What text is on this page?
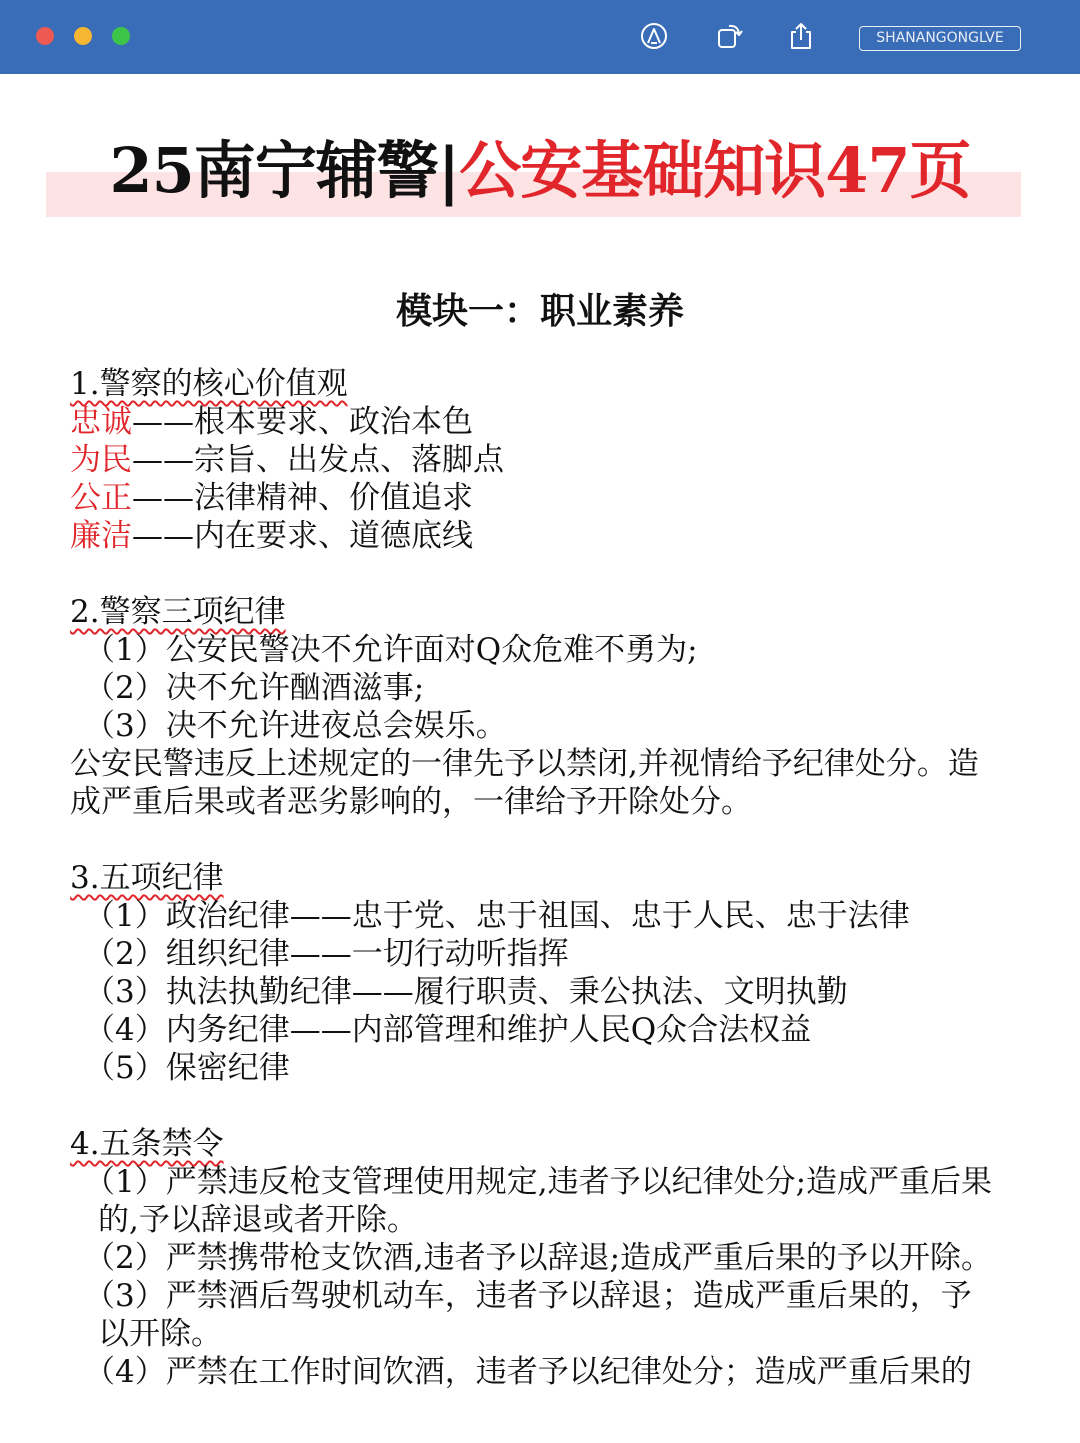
SHANANGONGLVE
25南宁辅警|公安基础知识47页
模块一：职业素养
1.警察的核心价值观
忠诚——根本要求、政治本色
为民——宗旨、出发点、落脚点
公正——法律精神、价值追求
廉洁——内在要求、道德底线
2.警察三项纪律
（1）公安民警决不允许面对Q众危难不勇为;
（2）决不允许酗酒滋事;
（3）决不允许进夜总会娱乐。
公安民警违反上述规定的一律先予以禁闭,并视情给予纪律处分。造
成严重后果或者恶劣影响的，一律给予开除处分。
3.五项纪律
（1）政治纪律——忠于党、忠于祖国、忠于人民、忠于法律
（2）组织纪律——一切行动听指挥
（3）执法执勤纪律——履行职责、秉公执法、文明执勤
（4）内务纪律——内部管理和维护人民Q众合法权益
（5）保密纪律
4.五条禁令
（1）严禁违反枪支管理使用规定,违者予以纪律处分;造成严重后果
的,予以辞退或者开除。
（2）严禁携带枪支饮酒,违者予以辞退;造成严重后果的予以开除。
（3）严禁酒后驾驶机动车，违者予以辞退；造成严重后果的，予
以开除。
（4）严禁在工作时间饮酒，违者予以纪律处分；造成严重后果的
